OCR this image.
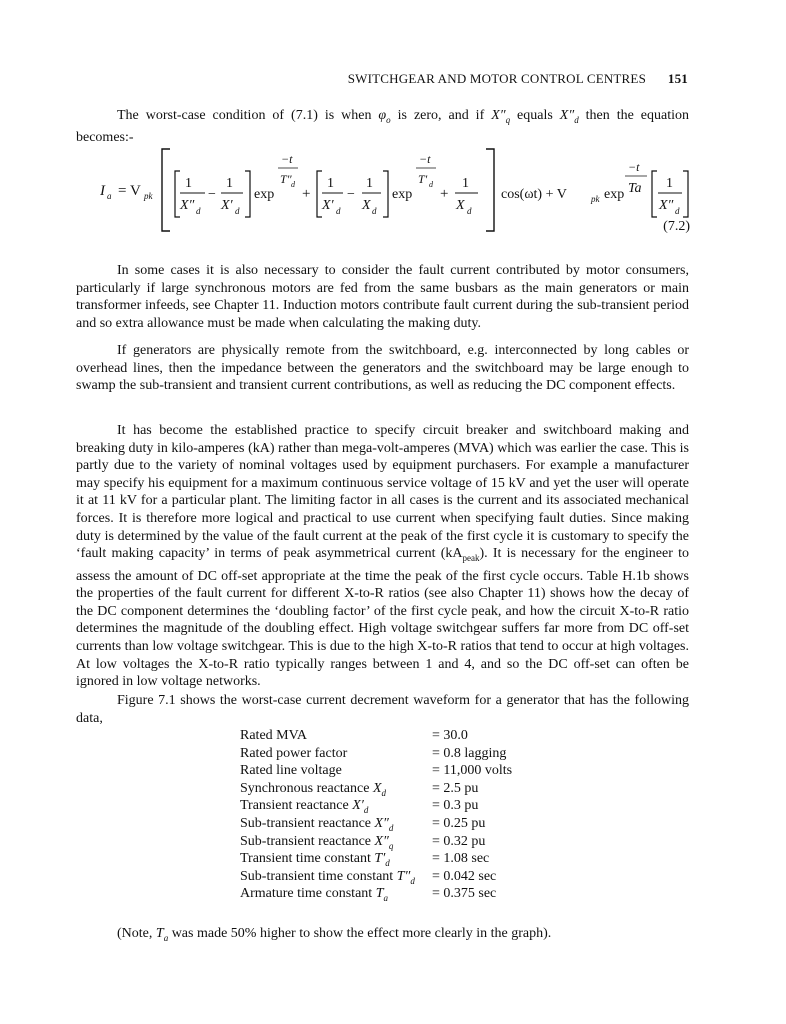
SWITCHGEAR AND MOTOR CONTROL CENTRES 151

The worst-case condition of (7.1) is when $\varphi_o$ is zero, and if $X''_q$ equals $X''_d$ then the equation becomes:-

I a = V pk
1
X″ d
−
1
X′ d
exp
−t
T″ d
+
1
X′ d
−
1
X d
exp
−t
T′ d
+
1
X d
cos(ωt) + V	pk exp
−t
Ta 1
X″ d
(7.2)

In some cases it is also necessary to consider the fault current contributed by motor consumers, particularly if large synchronous motors are fed from the same busbars as the main generators or main transformer infeeds, see Chapter 11. Induction motors contribute fault current during the sub-transient period and so extra allowance must be made when calculating the making duty.

If generators are physically remote from the switchboard, e.g. interconnected by long cables or overhead lines, then the impedance between the generators and the switchboard may be large enough to swamp the sub-transient and transient current contributions, as well as reducing the DC component effects.

It has become the established practice to specify circuit breaker and switchboard making and breaking duty in kilo-amperes (kA) rather than mega-volt-amperes (MVA) which was earlier the case. This is partly due to the variety of nominal voltages used by equipment purchasers. For example a manufacturer may specify his equipment for a maximum continuous service voltage of 15 kV and yet the user will operate it at 11 kV for a particular plant. The limiting factor in all cases is the current and its associated mechanical forces. It is therefore more logical and practical to use current when specifying fault duties. Since making duty is determined by the value of the fault current at the peak of the first cycle it is customary to specify the ‘fault making capacity’ in terms of peak asymmetrical current $(kA_{peak})$. It is necessary for the engineer to assess the amount of DC off-set appropriate at the time the peak of the first cycle occurs. Table H.1b shows the properties of the fault current for different X-to-R ratios (see also Chapter 11) shows how the decay of the DC component determines the ‘doubling factor’ of the first cycle peak, and how the circuit X-to-R ratio determines the magnitude of the doubling effect. High voltage switchgear suffers far more from DC off-set currents than low voltage switchgear. This is due to the high X-to-R ratios that tend to occur at high voltages. At low voltages the X-to-R ratio typically ranges between 1 and 4, and so the DC off-set can often be ignored in low voltage networks.

Figure 7.1 shows the worst-case current decrement waveform for a generator that has the following data,

Rated MVA	= 30.0
Rated power factor	= 0.8 lagging
Rated line voltage	= 11,000 volts
Synchronous reactance $X_d$	= 2.5 pu
Transient reactance $X'_d$	= 0.3 pu
Sub-transient reactance $X''_d$	= 0.25 pu
Sub-transient reactance $X''_q$	= 0.32 pu
Transient time constant $T'_d$	= 1.08 sec
Sub-transient time constant $T''_d = 0.042$ sec
Armature time constant $T_a$	= 0.375 sec

(Note, $T_a$ was made 50% higher to show the effect more clearly in the graph).
